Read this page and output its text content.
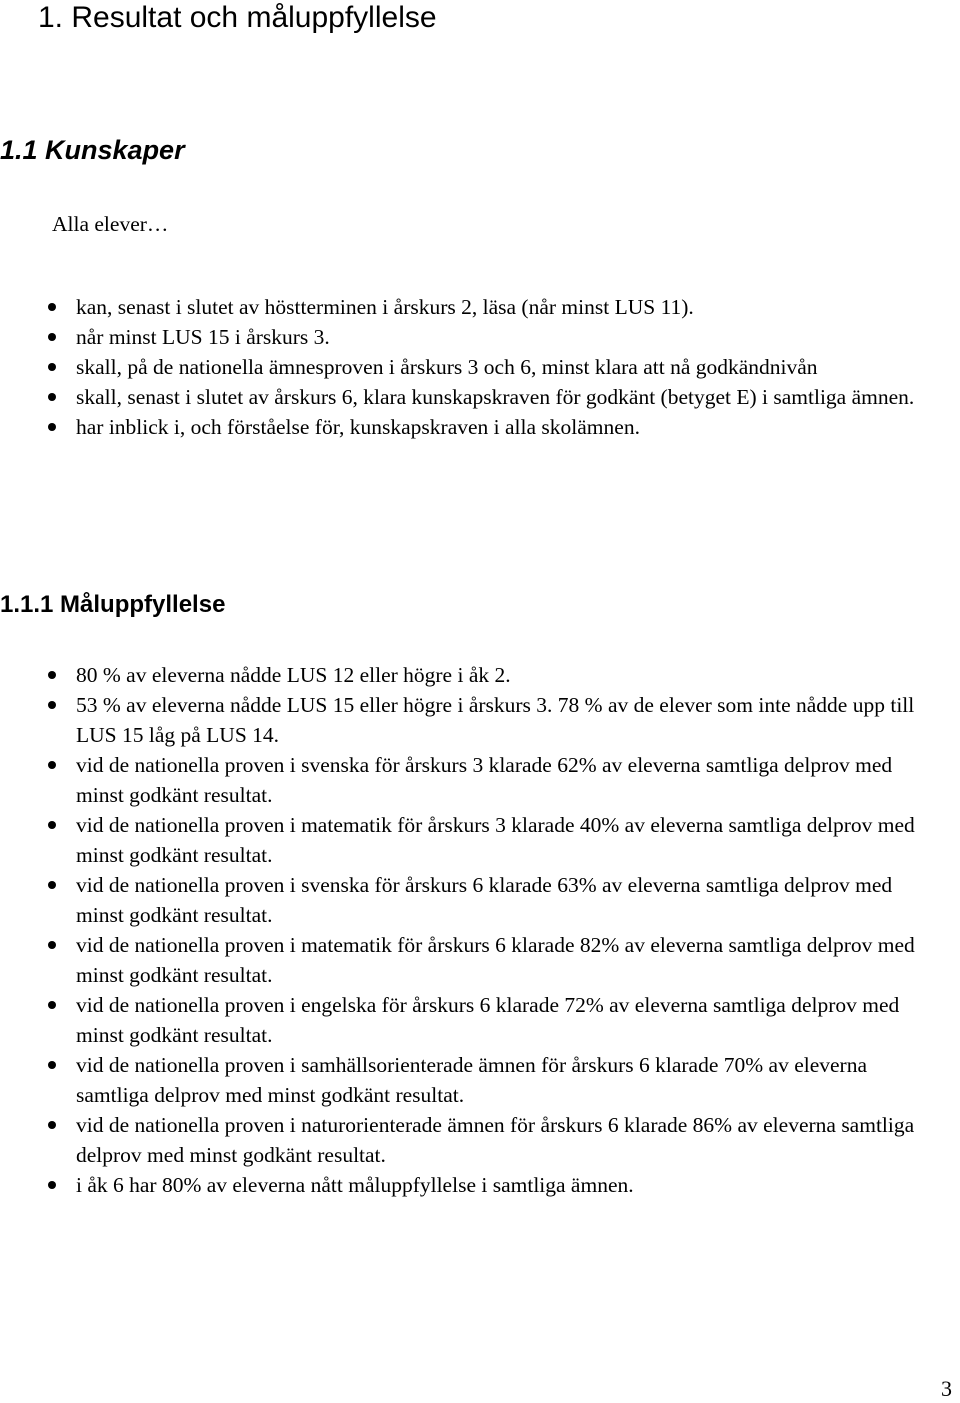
1. Resultat och måluppfyllelse
1.1 Kunskaper

Alla elever…

kan, senast i slutet av höstterminen i årskurs 2, läsa (når minst LUS 11).
når minst LUS 15 i årskurs 3.
skall, på de nationella ämnesproven i årskurs 3 och 6, minst klara att nå godkändnivån
skall, senast i slutet av årskurs 6, klara kunskapskraven för godkänt (betyget E) i samtliga ämnen.
har inblick i, och förståelse för, kunskapskraven i alla skolämnen.
1.1.1 Måluppfyllelse
80 % av eleverna nådde LUS 12 eller högre i åk 2.
53 % av eleverna nådde LUS 15 eller högre i årskurs 3. 78 % av de elever som inte nådde upp till LUS 15 låg på LUS 14.
vid de nationella proven i svenska för årskurs 3 klarade 62% av eleverna samtliga delprov med minst godkänt resultat.
vid de nationella proven i matematik för årskurs 3 klarade 40% av eleverna samtliga delprov med minst godkänt resultat.
vid de nationella proven i svenska för årskurs 6 klarade 63% av eleverna samtliga delprov med minst godkänt resultat.
vid de nationella proven i matematik för årskurs 6 klarade 82% av eleverna samtliga delprov med minst godkänt resultat.
vid de nationella proven i engelska för årskurs 6 klarade 72% av eleverna samtliga delprov med minst godkänt resultat.
vid de nationella proven i samhällsorienterade ämnen för årskurs 6 klarade 70% av eleverna samtliga delprov med minst godkänt resultat.
vid de nationella proven i naturorienterade ämnen för årskurs 6 klarade 86% av eleverna samtliga delprov med minst godkänt resultat.
i åk 6 har 80% av eleverna nått måluppfyllelse i samtliga ämnen.
3
